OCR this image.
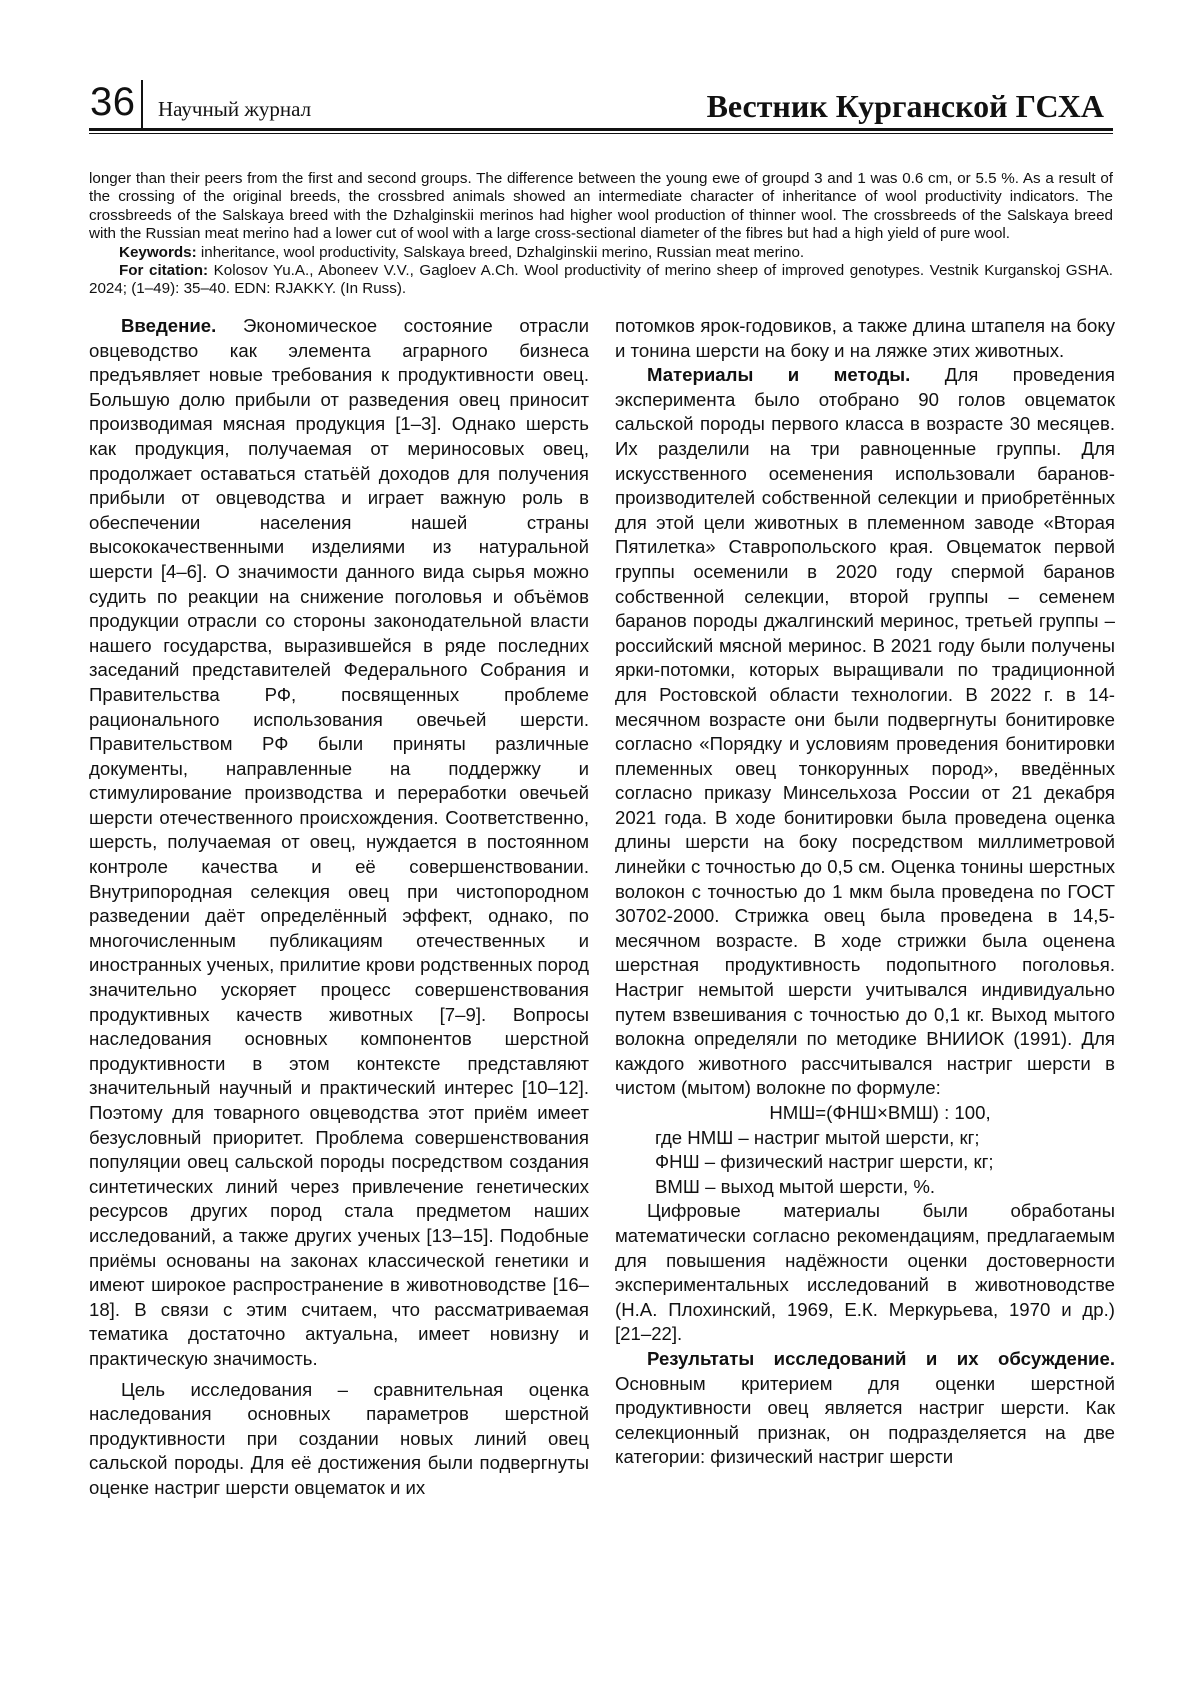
36 Научный журнал	Вестник Курганской ГСХА

longer than their peers from the first and second groups. The difference between the young ewe of groupd 3 and 1 was 0.6 cm, or 5.5 %. As a result of the crossing of the original breeds, the crossbred animals showed an intermediate character of inheritance of wool productivity indicators. The crossbreeds of the Salskaya breed with the Dzhalginskii merinos had higher wool production of thinner wool. The crossbreeds of the Salskaya breed with the Russian meat merino had a lower cut of wool with a large cross-sectional diameter of the fibres but had a high yield of pure wool.

Keywords: inheritance, wool productivity, Salskaya breed, Dzhalginskii merino, Russian meat merino.

For citation: Kolosov Yu.A., Aboneev V.V., Gagloev A.Ch. Wool productivity of merino sheep of improved genotypes. Vestnik Kurganskoj GSHA. 2024; (1–49): 35–40. EDN: RJAKKY. (In Russ).

Введение. Экономическое состояние отрасли овцеводство как элемента аграрного бизнеса предъявляет новые требования к продуктивности овец. Большую долю прибыли от разведения овец приносит производимая мясная продукция [1–3]. Однако шерсть как продукция, получаемая от мериносовых овец, продолжает оставаться статьёй доходов для получения прибыли от овцеводства и играет важную роль в обеспечении населения нашей страны высококачественными изделиями из натуральной шерсти [4–6]. О значимости данного вида сырья можно судить по реакции на снижение поголовья и объёмов продукции отрасли со стороны законодательной власти нашего государства, выразившейся в ряде последних заседаний представителей Федерального Собрания и Правительства РФ, посвященных проблеме рационального использования овечьей шерсти. Правительством РФ были приняты различные документы, направленные на поддержку и стимулирование производства и переработки овечьей шерсти отечественного происхождения. Соответственно, шерсть, получаемая от овец, нуждается в постоянном контроле качества и её совершенствовании. Внутрипородная селекция овец при чистопородном разведении даёт определённый эффект, однако, по многочисленным публикациям отечественных и иностранных ученых, прилитие крови родственных пород значительно ускоряет процесс совершенствования продуктивных качеств животных [7–9]. Вопросы наследования основных компонентов шерстной продуктивности в этом контексте представляют значительный научный и практический интерес [10–12]. Поэтому для товарного овцеводства этот приём имеет безусловный приоритет. Проблема совершенствования популяции овец сальской породы посредством создания синтетических линий через привлечение генетических ресурсов других пород стала предметом наших исследований, а также других ученых [13–15]. Подобные приёмы основаны на законах классической генетики и имеют широкое распространение в животноводстве [16–18]. В связи с этим считаем, что рассматриваемая тематика достаточно актуальна, имеет новизну и практическую значимость.

Цель исследования – сравнительная оценка наследования основных параметров шерстной продуктивности при создании новых линий овец сальской породы. Для её достижения были подвергнуты оценке настриг шерсти овцематок и их

потомков ярок-годовиков, а также длина штапеля на боку и тонина шерсти на боку и на ляжке этих животных.

Материалы и методы. Для проведения эксперимента было отобрано 90 голов овцематок сальской породы первого класса в возрасте 30 месяцев. Их разделили на три равноценные группы. Для искусственного осеменения использовали баранов-производителей собственной селекции и приобретённых для этой цели животных в племенном заводе «Вторая Пятилетка» Ставропольского края. Овцематок первой группы осеменили в 2020 году спермой баранов собственной селекции, второй группы – семенем баранов породы джалгинский меринос, третьей группы – российский мясной меринос. В 2021 году были получены ярки-потомки, которых выращивали по традиционной для Ростовской области технологии. В 2022 г. в 14-месячном возрасте они были подвергнуты бонитировке согласно «Порядку и условиям проведения бонитировки племенных овец тонкорунных пород», введённых согласно приказу Минсельхоза России от 21 декабря 2021 года. В ходе бонитировки была проведена оценка длины шерсти на боку посредством миллиметровой линейки с точностью до 0,5 см. Оценка тонины шерстных волокон с точностью до 1 мкм была проведена по ГОСТ 30702-2000. Стрижка овец была проведена в 14,5-месячном возрасте. В ходе стрижки была оценена шерстная продуктивность подопытного поголовья. Настриг немытой шерсти учитывался индивидуально путем взвешивания с точностью до 0,1 кг. Выход мытого волокна определяли по методике ВНИИОК (1991). Для каждого животного рассчитывался настриг шерсти в чистом (мытом) волокне по формуле:

НМШ=(ФНШ×ВМШ) : 100,

где НМШ – настриг мытой шерсти, кг;

ФНШ – физический настриг шерсти, кг;

ВМШ – выход мытой шерсти, %.

Цифровые материалы были обработаны математически согласно рекомендациям, предлагаемым для повышения надёжности оценки достоверности экспериментальных исследований в животноводстве (Н.А. Плохинский, 1969, Е.К. Меркурьева, 1970 и др.) [21–22].

Результаты исследований и их обсуждение. Основным критерием для оценки шерстной продуктивности овец является настриг шерсти. Как селекционный признак, он подразделяется на две категории: физический настриг шерсти
